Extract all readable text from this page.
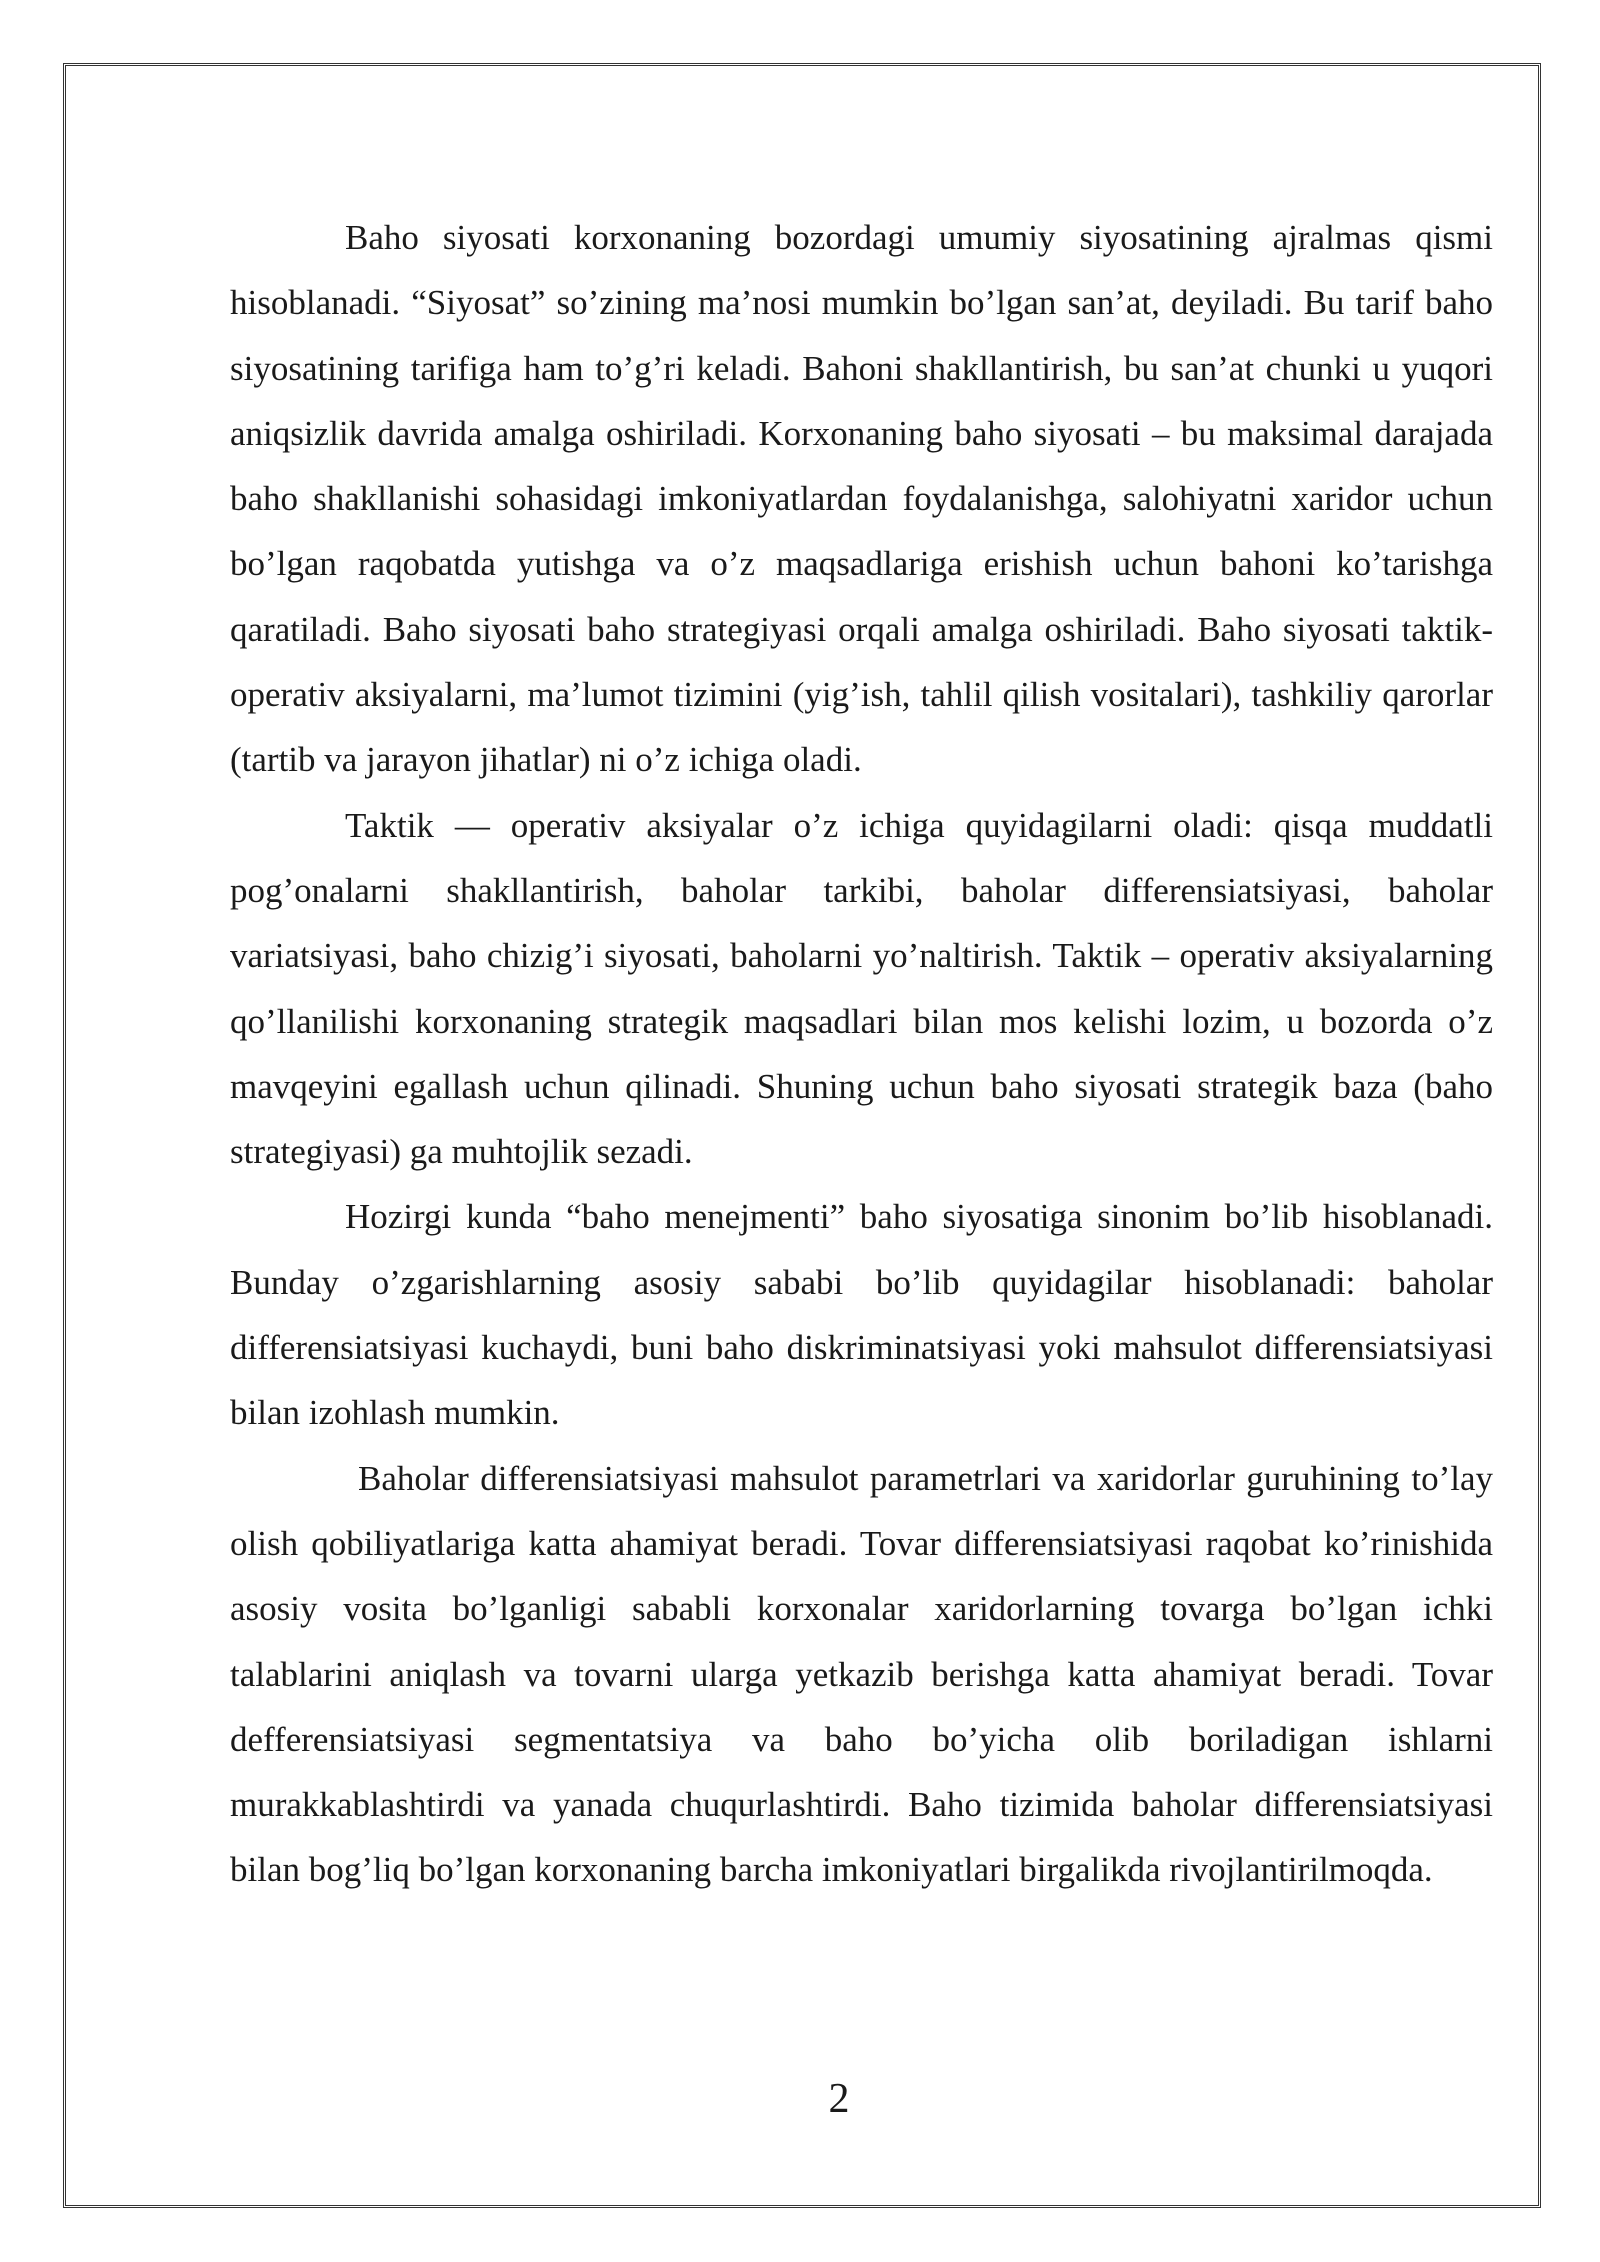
Baho siyosati korxonaning bozordagi umumiy siyosatining ajralmas qismi hisoblanadi. “Siyosat” so’zining ma’nosi mumkin bo’lgan san’at, deyiladi. Bu tarif baho siyosatining tarifiga ham to’g’ri keladi. Bahoni shakllantirish, bu san’at chunki u yuqori aniqsizlik davrida amalga oshiriladi. Korxonaning baho siyosati – bu maksimal darajada baho shakllanishi sohasidagi imkoniyatlardan foydalanishga, salohiyatni xaridor uchun bo’lgan raqobatda yutishga va o’z maqsadlariga erishish uchun bahoni ko’tarishga qaratiladi. Baho siyosati baho strategiyasi orqali amalga oshiriladi. Baho siyosati taktik-operativ aksiyalarni, ma’lumot tizimini (yig’ish, tahlil qilish vositalari), tashkiliy qarorlar (tartib va jarayon jihatlar) ni o’z ichiga oladi.

Taktik — operativ aksiyalar o’z ichiga quyidagilarni oladi: qisqa muddatli pog’onalarni shakllantirish, baholar tarkibi, baholar differensiatsiyasi, baholar variatsiyasi, baho chizig’i siyosati, baholarni yo’naltirish. Taktik – operativ aksiyalarning qo’llanilishi korxonaning strategik maqsadlari bilan mos kelishi lozim, u bozorda o’z mavqeyini egallash uchun qilinadi. Shuning uchun baho siyosati strategik baza (baho strategiyasi) ga muhtojlik sezadi.

Hozirgi kunda “baho menejmenti” baho siyosatiga sinonim bo’lib hisoblanadi. Bunday o’zgarishlarning asosiy sababi bo’lib quyidagilar hisoblanadi: baholar differensiatsiyasi kuchaydi, buni baho diskriminatsiyasi yoki mahsulot differensiatsiyasi bilan izohlash mumkin.

Baholar differensiatsiyasi mahsulot parametrlari va xaridorlar guruhining to’lay olish qobiliyatlariga katta ahamiyat beradi. Tovar differensiatsiyasi raqobat ko’rinishida asosiy vosita bo’lganligi sababli korxonalar xaridorlarning tovarga bo’lgan ichki talablarini aniqlash va tovarni ularga yetkazib berishga katta ahamiyat beradi. Tovar defferensiatsiyasi segmentatsiya va baho bo’yicha olib boriladigan ishlarni murakkablashtirdi va yanada chuqurlashtirdi. Baho tizimida baholar differensiatsiyasi bilan bog’liq bo’lgan korxonaning barcha imkoniyatlari birgalikda rivojlantirilmoqda.

2
